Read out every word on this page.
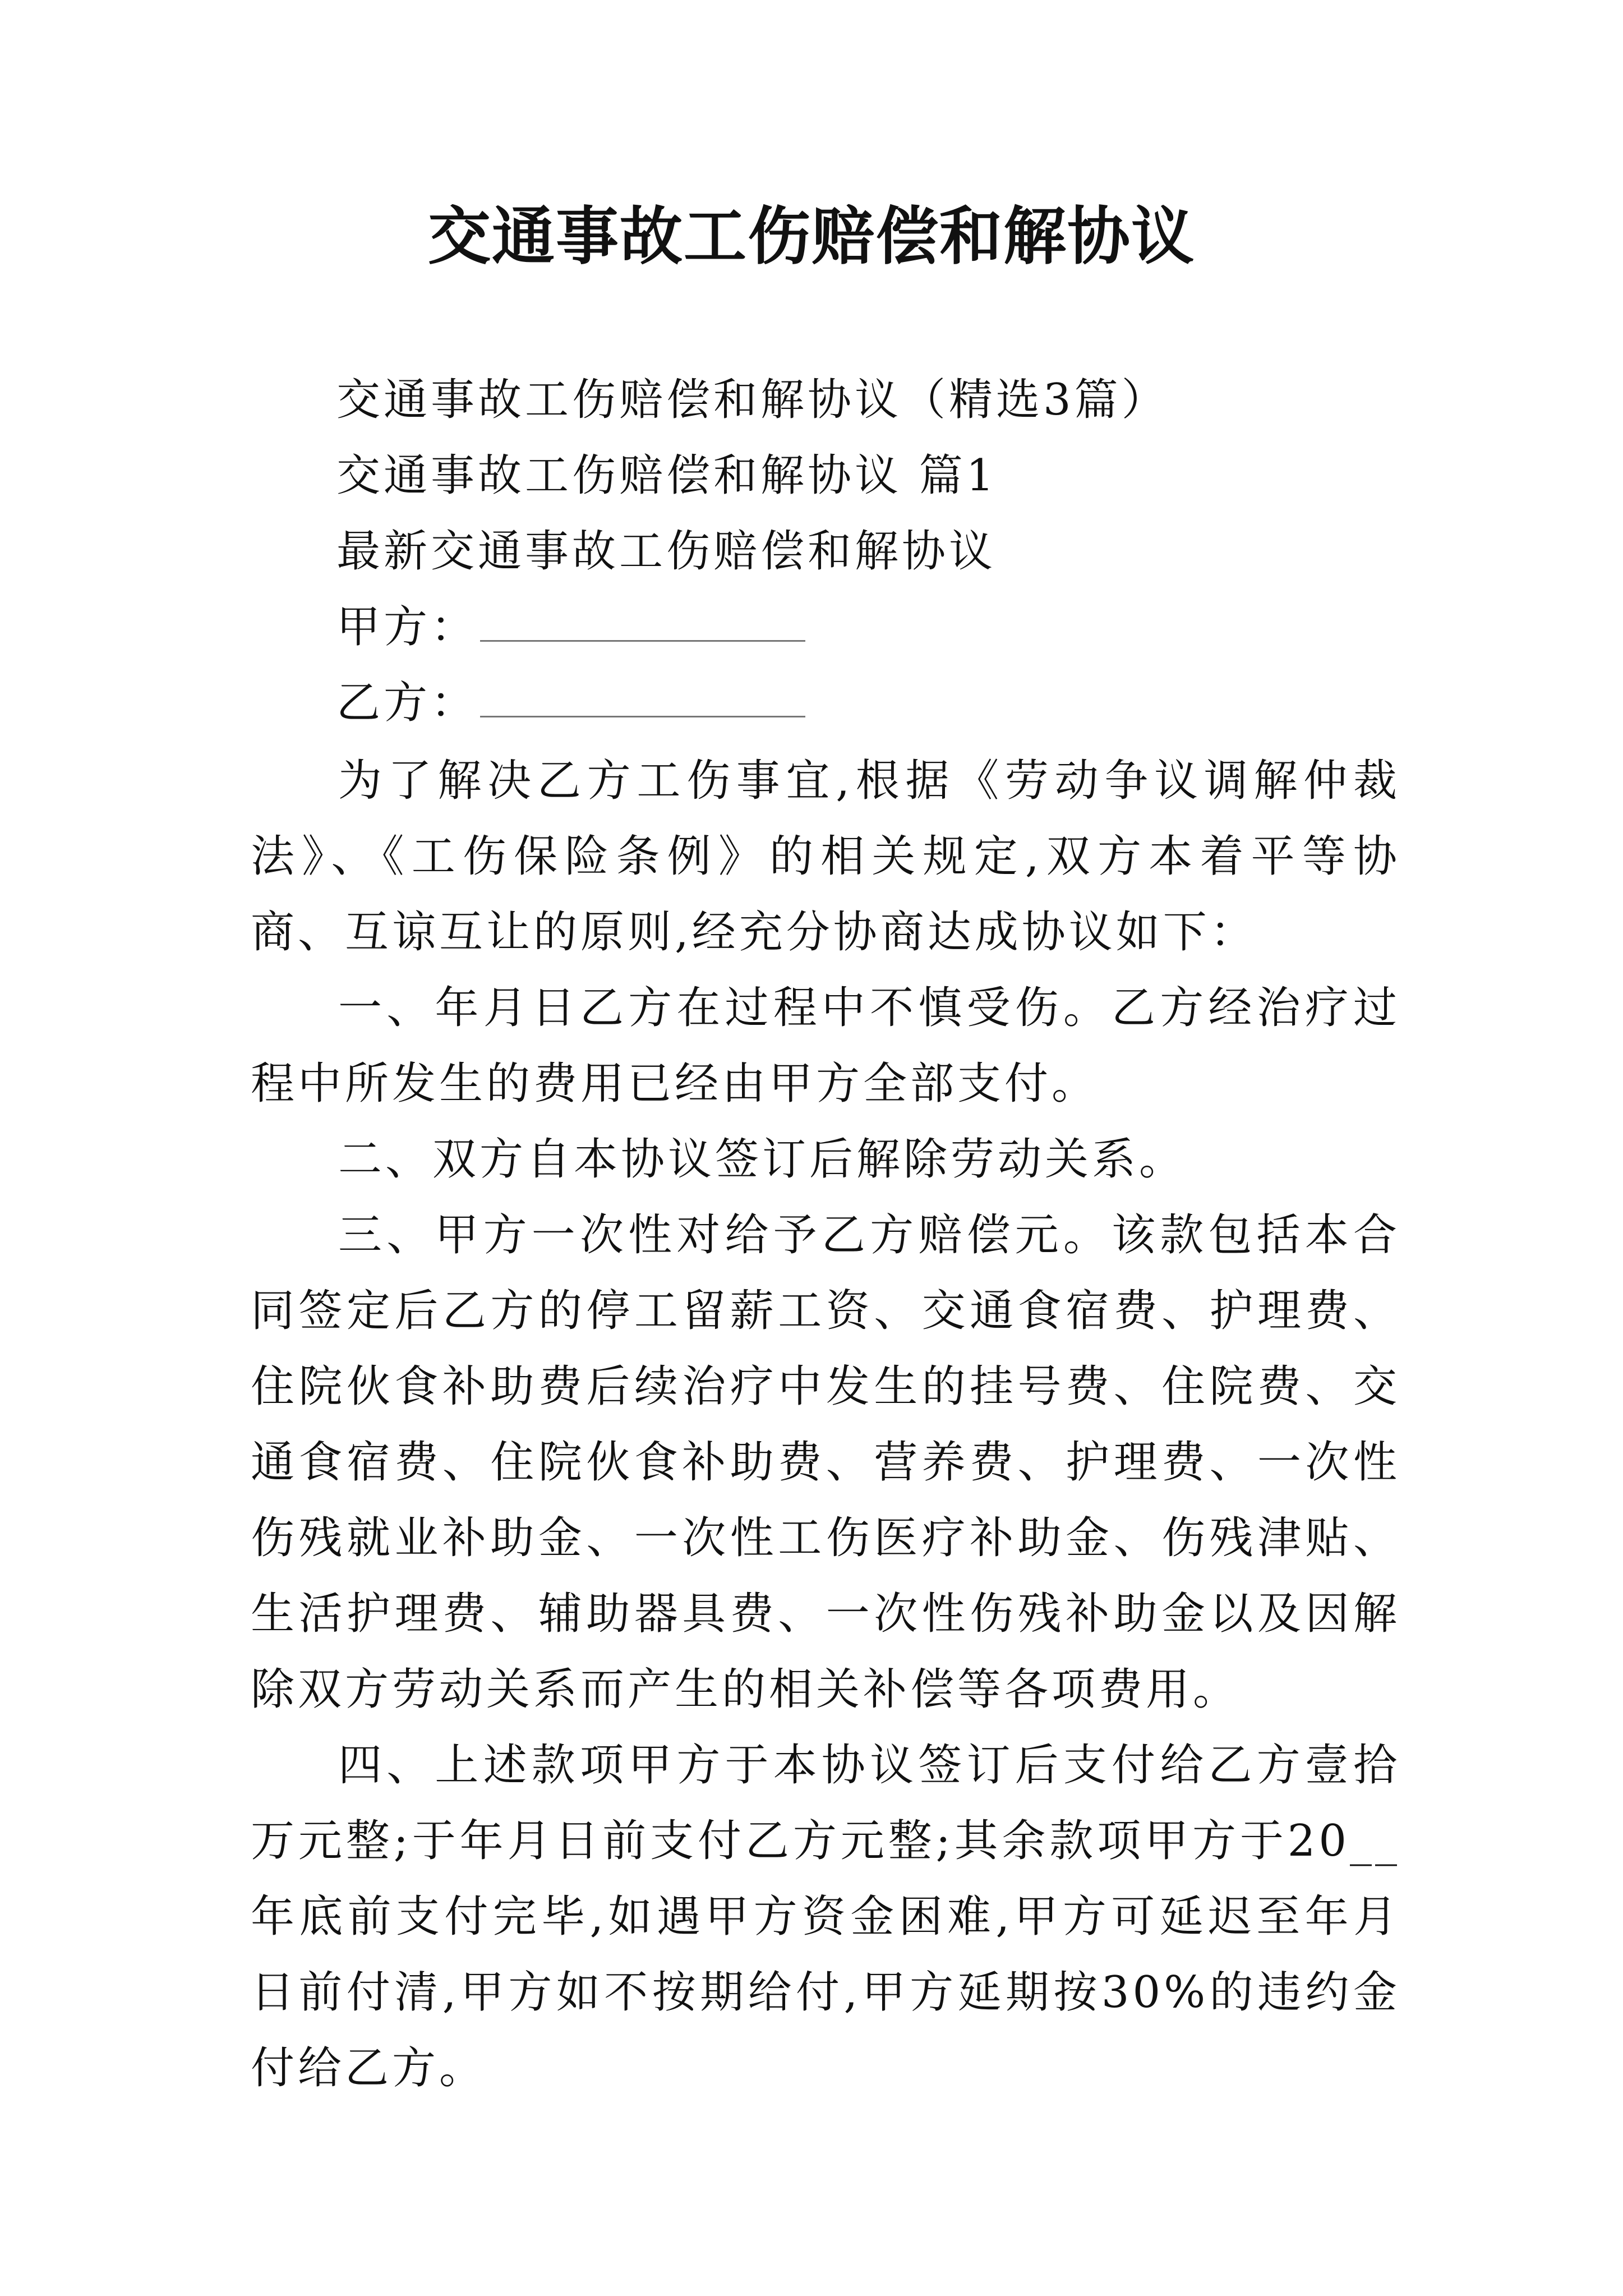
交通事故工伤赔偿和解协议

交通事故工伤赔偿和解协议（精选3篇）

交通事故工伤赔偿和解协议 篇1

最新交通事故工伤赔偿和解协议

甲方：

乙方：

为了解决乙方工伤事宜,根据《劳动争议调解仲裁法》、《工伤保险条例》的相关规定,双方本着平等协商、互谅互让的原则,经充分协商达成协议如下：

一、年月日乙方在过程中不慎受伤。乙方经治疗过程中所发生的费用已经由甲方全部支付。

二、双方自本协议签订后解除劳动关系。

三、甲方一次性对给予乙方赔偿元。该款包括本合同签定后乙方的停工留薪工资、交通食宿费、护理费、住院伙食补助费后续治疗中发生的挂号费、住院费、交通食宿费、住院伙食补助费、营养费、护理费、一次性伤残就业补助金、一次性工伤医疗补助金、伤残津贴、生活护理费、辅助器具费、一次性伤残补助金以及因解除双方劳动关系而产生的相关补偿等各项费用。

四、上述款项甲方于本协议签订后支付给乙方壹拾万元整;于年月日前支付乙方元整;其余款项甲方于20__年底前支付完毕,如遇甲方资金困难,甲方可延迟至年月日前付清,甲方如不按期给付,甲方延期按30%的违约金付给乙方。
